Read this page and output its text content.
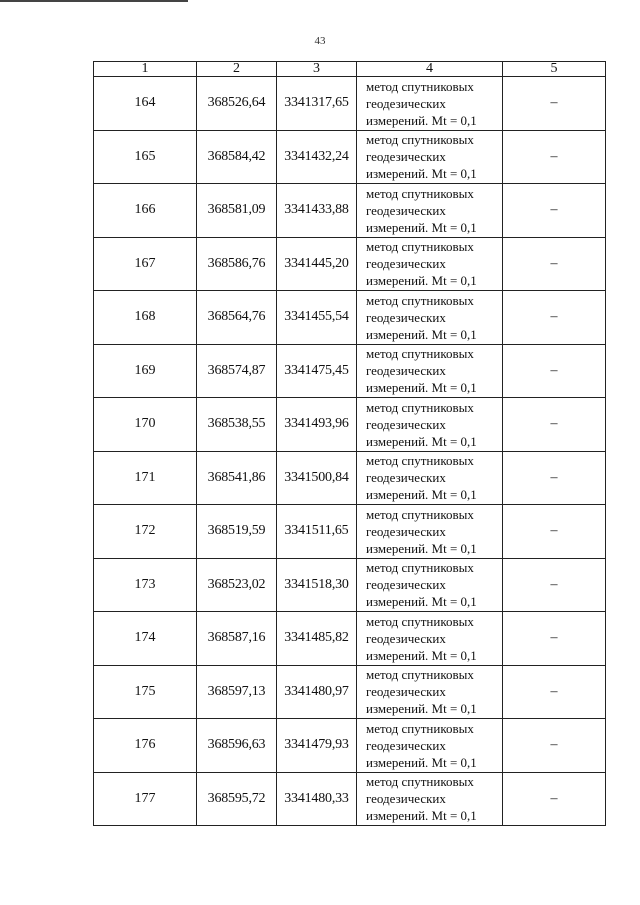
43
1	2	3	4	5
164	368526,64	3341317,65	метод спутниковых
геодезических
измерений. Mt = 0,1	–
165	368584,42	3341432,24	метод спутниковых
геодезических
измерений. Mt = 0,1	–
166	368581,09	3341433,88	метод спутниковых
геодезических
измерений. Mt = 0,1	–
167	368586,76	3341445,20	метод спутниковых
геодезических
измерений. Mt = 0,1	–
168	368564,76	3341455,54	метод спутниковых
геодезических
измерений. Mt = 0,1	–
169	368574,87	3341475,45	метод спутниковых
геодезических
измерений. Mt = 0,1	–
170	368538,55	3341493,96	метод спутниковых
геодезических
измерений. Mt = 0,1	–
171	368541,86	3341500,84	метод спутниковых
геодезических
измерений. Mt = 0,1	–
172	368519,59	3341511,65	метод спутниковых
геодезических
измерений. Mt = 0,1	–
173	368523,02	3341518,30	метод спутниковых
геодезических
измерений. Mt = 0,1	–
174	368587,16	3341485,82	метод спутниковых
геодезических
измерений. Mt = 0,1	–
175	368597,13	3341480,97	метод спутниковых
геодезических
измерений. Mt = 0,1	–
176	368596,63	3341479,93	метод спутниковых
геодезических
измерений. Mt = 0,1	–
177	368595,72	3341480,33	метод спутниковых
геодезических
измерений. Mt = 0,1	–
